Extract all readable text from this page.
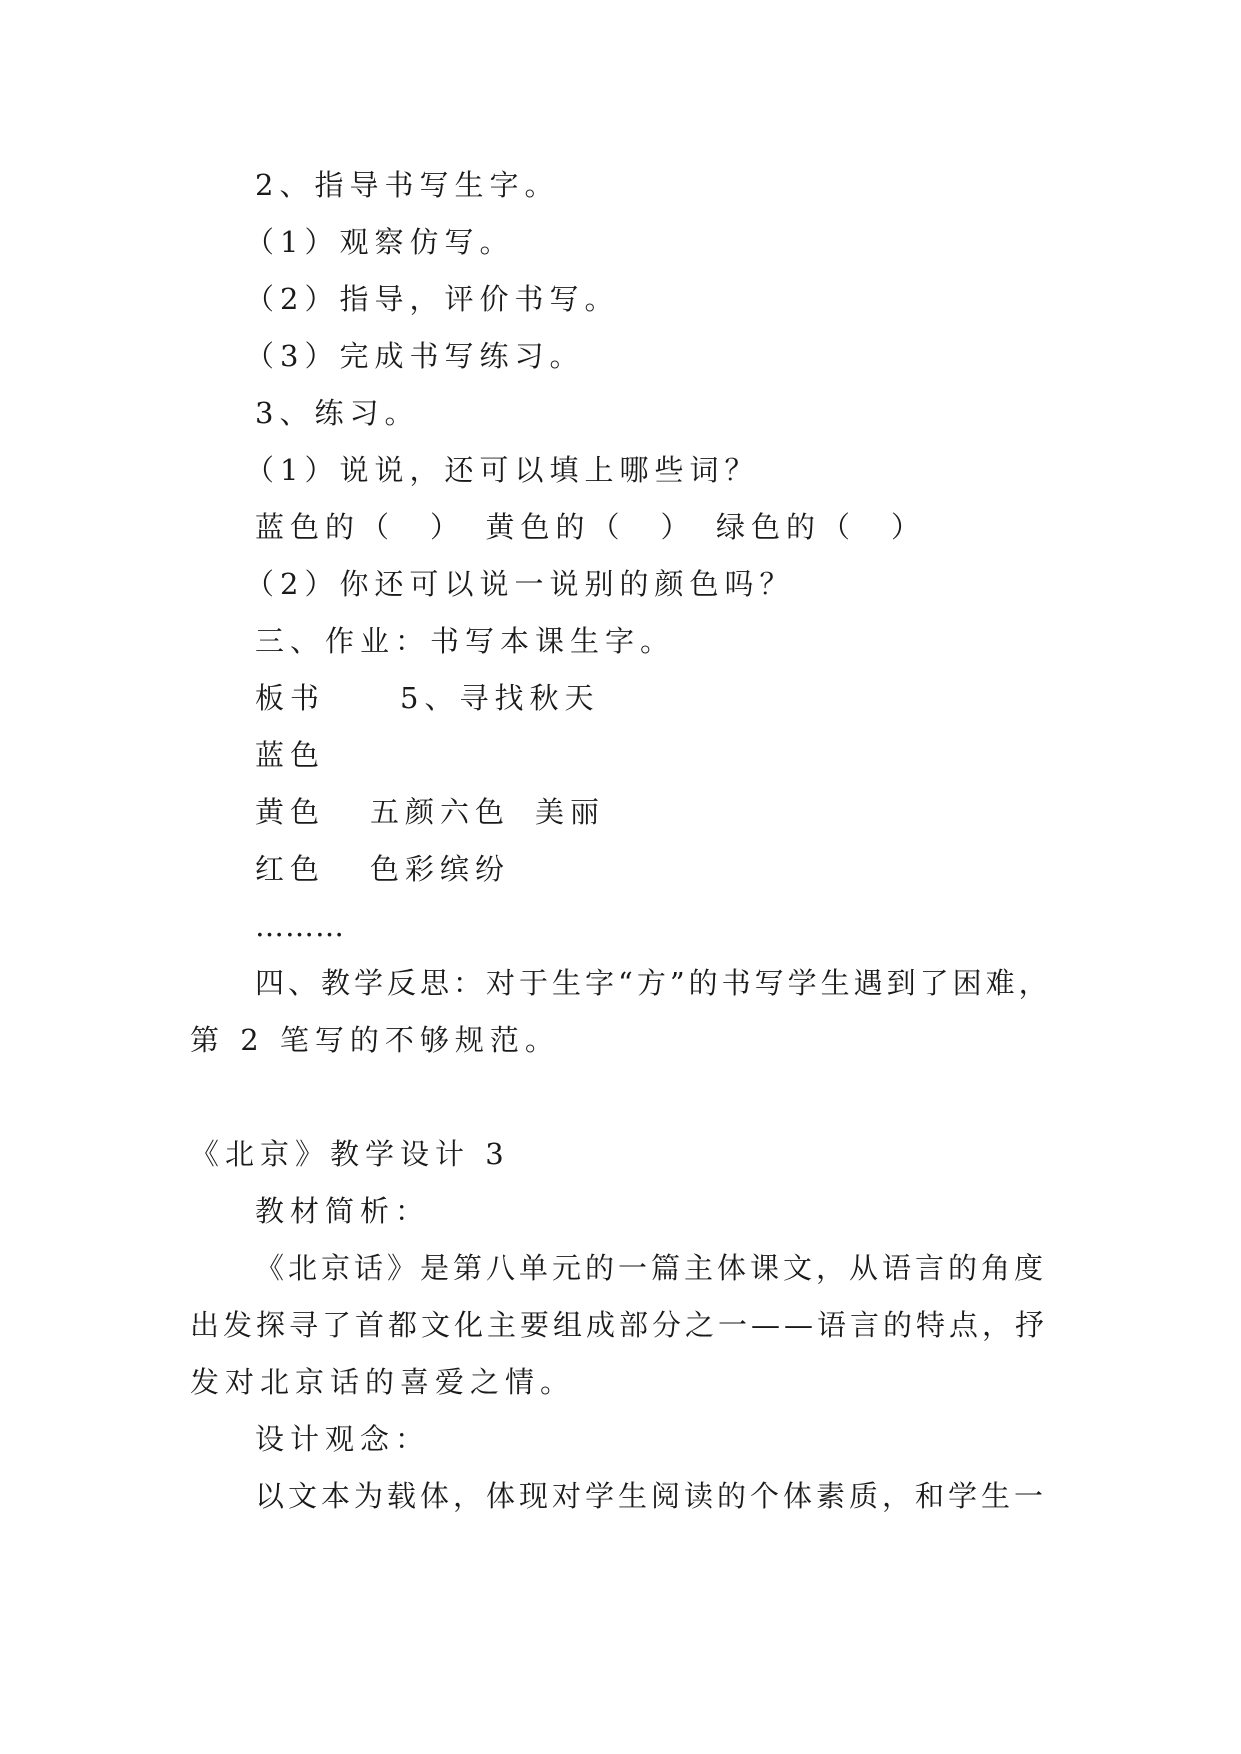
2、指导书写生字。
（1）观察仿写。
（2）指导，评价书写。
（3）完成书写练习。
3、练习。
（1）说说，还可以填上哪些词？
蓝色的（　）　黄色的（　）　绿色的（　）
（2）你还可以说一说别的颜色吗？
三、作业：书写本课生字。
板书	5、寻找秋天
蓝色
黄色 五颜六色 美丽
红色 色彩缤纷
………
四、教学反思：对于生字“方”的书写学生遇到了困难，
第 2 笔写的不够规范。
《北京》教学设计 3
教材简析：
《北京话》是第八单元的一篇主体课文，从语言的角度
出发探寻了首都文化主要组成部分之一——语言的特点，抒
发对北京话的喜爱之情。
设计观念：
以文本为载体，体现对学生阅读的个体素质，和学生一
